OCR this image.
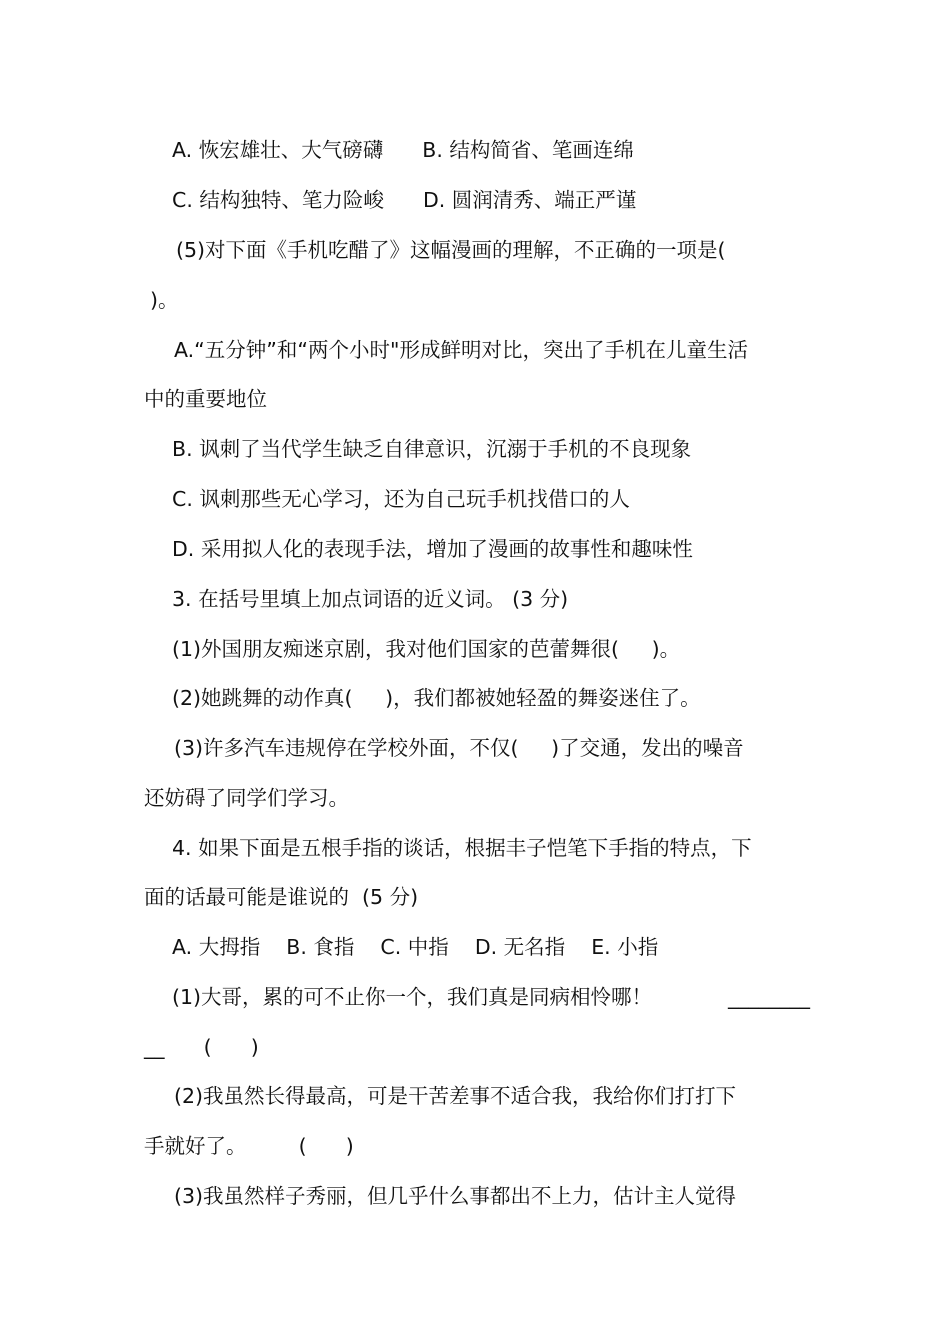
A. 恢宏雄壮、大气磅礴      B. 结构简省、笔画连绵
C. 结构独特、笔力险峻      D. 圆润清秀、端正严谨
(5)对下面《手机吃醋了》这幅漫画的理解，不正确的一项是(
)。
A.“五分钟”和“两个小时"形成鲜明对比，突出了手机在儿童生活
中的重要地位
B. 讽刺了当代学生缺乏自律意识，沉溺于手机的不良现象
C. 讽刺那些无心学习，还为自己玩手机找借口的人
D. 采用拟人化的表现手法，增加了漫画的故事性和趣味性
3. 在括号里填上加点词语的近义词。 (3 分)
(1)外国朋友痴迷京剧，我对他们国家的芭蕾舞很(     )。
(2)她跳舞的动作真(     )，我们都被她轻盈的舞姿迷住了。
(3)许多汽车违规停在学校外面，不仅(     )了交通，发出的噪音
还妨碍了同学们学习。
4. 如果下面是五根手指的谈话，根据丰子恺笔下手指的特点，下
面的话最可能是谁说的  (5 分)
A. 大拇指    B. 食指    C. 中指    D. 无名指    E. 小指
(1)大哥，累的可不止你一个，我们真是同病相怜哪！	________
__      (      )
(2)我虽然长得最高，可是干苦差事不适合我，我给你们打打下
手就好了。        (      )
(3)我虽然样子秀丽，但几乎什么事都出不上力，估计主人觉得
